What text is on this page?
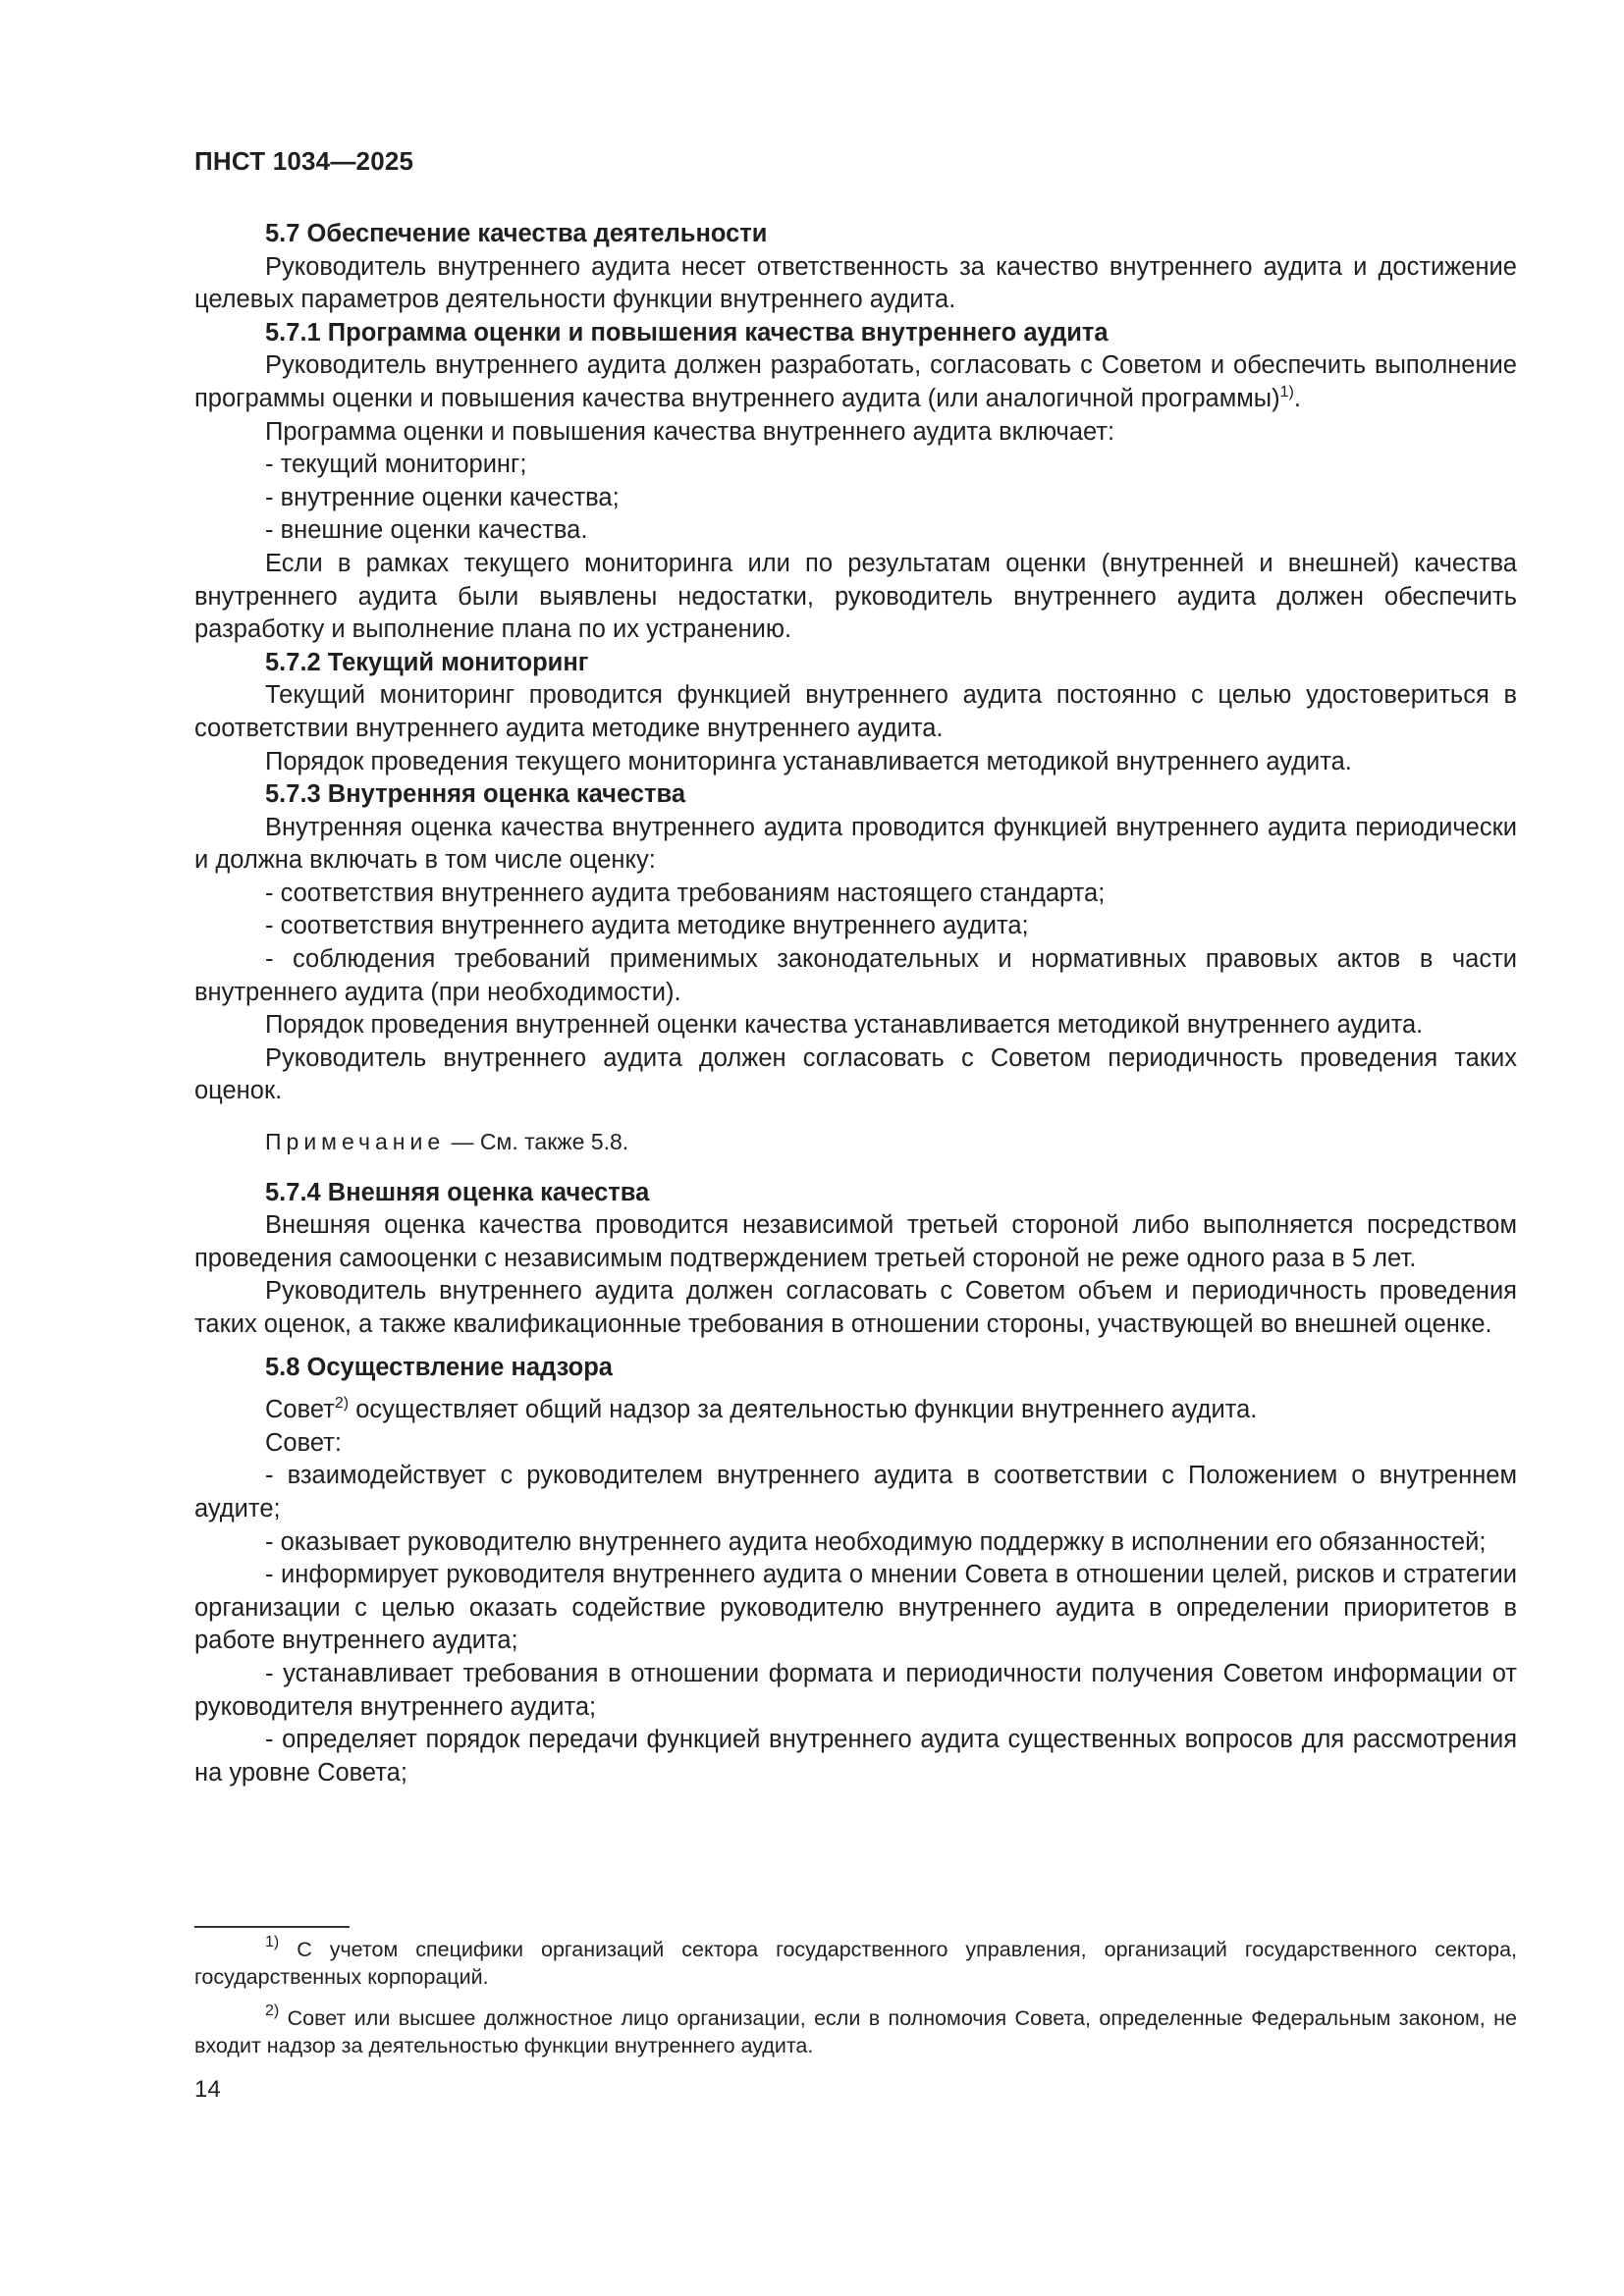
ПНСТ 1034—2025

5.7 Обеспечение качества деятельности

Руководитель внутреннего аудита несет ответственность за качество внутреннего аудита и достижение целевых параметров деятельности функции внутреннего аудита.

5.7.1 Программа оценки и повышения качества внутреннего аудита

Руководитель внутреннего аудита должен разработать, согласовать с Советом и обеспечить выполнение программы оценки и повышения качества внутреннего аудита (или аналогичной программы)$^{1)}$.

Программа оценки и повышения качества внутреннего аудита включает:

- текущий мониторинг;

- внутренние оценки качества;

- внешние оценки качества.

Если в рамках текущего мониторинга или по результатам оценки (внутренней и внешней) качества внутреннего аудита были выявлены недостатки, руководитель внутреннего аудита должен обеспечить разработку и выполнение плана по их устранению.

5.7.2 Текущий мониторинг

Текущий мониторинг проводится функцией внутреннего аудита постоянно с целью удостовериться в соответствии внутреннего аудита методике внутреннего аудита.

Порядок проведения текущего мониторинга устанавливается методикой внутреннего аудита.

5.7.3 Внутренняя оценка качества

Внутренняя оценка качества внутреннего аудита проводится функцией внутреннего аудита периодически и должна включать в том числе оценку:

- соответствия внутреннего аудита требованиям настоящего стандарта;

- соответствия внутреннего аудита методике внутреннего аудита;

- соблюдения требований применимых законодательных и нормативных правовых актов в части внутреннего аудита (при необходимости).

Порядок проведения внутренней оценки качества устанавливается методикой внутреннего аудита.

Руководитель внутреннего аудита должен согласовать с Советом периодичность проведения таких оценок.

Примечание — См. также 5.8.

5.7.4 Внешняя оценка качества

Внешняя оценка качества проводится независимой третьей стороной либо выполняется посредством проведения самооценки с независимым подтверждением третьей стороной не реже одного раза в 5 лет.

Руководитель внутреннего аудита должен согласовать с Советом объем и периодичность проведения таких оценок, а также квалификационные требования в отношении стороны, участвующей во внешней оценке.

5.8 Осуществление надзора

Совет$^{2)}$ осуществляет общий надзор за деятельностью функции внутреннего аудита.

Совет:

- взаимодействует с руководителем внутреннего аудита в соответствии с Положением о внутреннем аудите;

- оказывает руководителю внутреннего аудита необходимую поддержку в исполнении его обязанностей;

- информирует руководителя внутреннего аудита о мнении Совета в отношении целей, рисков и стратегии организации с целью оказать содействие руководителю внутреннего аудита в определении приоритетов в работе внутреннего аудита;

- устанавливает требования в отношении формата и периодичности получения Советом информации от руководителя внутреннего аудита;

- определяет порядок передачи функцией внутреннего аудита существенных вопросов для рассмотрения на уровне Совета;

$^{1)}$ С учетом специфики организаций сектора государственного управления, организаций государственного сектора, государственных корпораций.

$^{2)}$ Совет или высшее должностное лицо организации, если в полномочия Совета, определенные Федеральным законом, не входит надзор за деятельностью функции внутреннего аудита.

14
